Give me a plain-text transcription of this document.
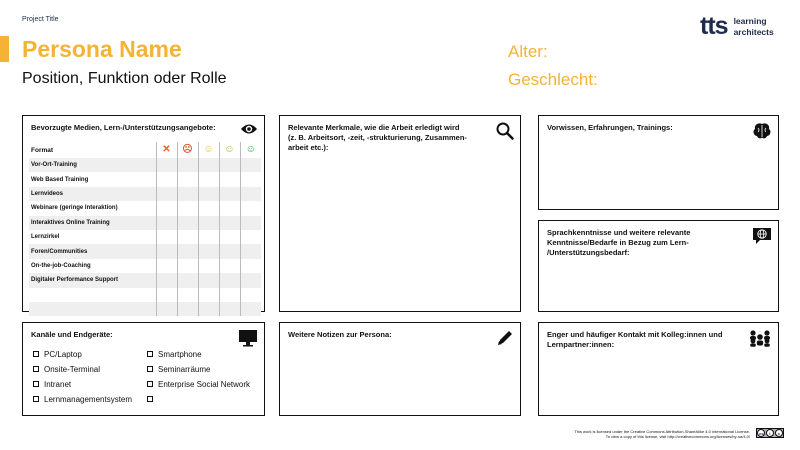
Project Title
Persona Name
Position, Funktion oder Rolle
Alter:
Geschlecht:
tts learning
architects
Bevorzugte Medien, Lern-/Unterstützungsangebote:
Format	✕	☹	☺	☺	☺
Vor-Ort-Training					
Web Based Training					
Lernvideos					
Webinare (geringe Interaktion)					
Interaktives Online Training					
Lernzirkel					
Foren/Communities					
On-the-job-Coaching					
Digitaler Performance Support					

Relevante Merkmale, wie die Arbeit erledigt wird
(z. B. Arbeitsort, -zeit, -strukturierung, Zusammen-
arbeit etc.):
Vorwissen, Erfahrungen, Trainings:
Sprachkenntnisse und weitere relevante
Kenntnisse/Bedarfe in Bezug zum Lern-
/Unterstützungsbedarf:
Kanäle und Endgeräte:
PC/Laptop	Smartphone
Onsite-Terminal	Seminarräume
Intranet	Enterprise Social Network
Lernmanagementsystem
Weitere Notizen zur Persona:	Enger und häufiger Kontakt mit Kolleg:innen und
Lernpartner:innen:
This work is licensed under the Creative Commons Attribution-ShareAlike 4.0 International License.
To view a copy of this license, visit http://creativecommons.org/licenses/by-sa/4.0/
cc	i	ↄ
